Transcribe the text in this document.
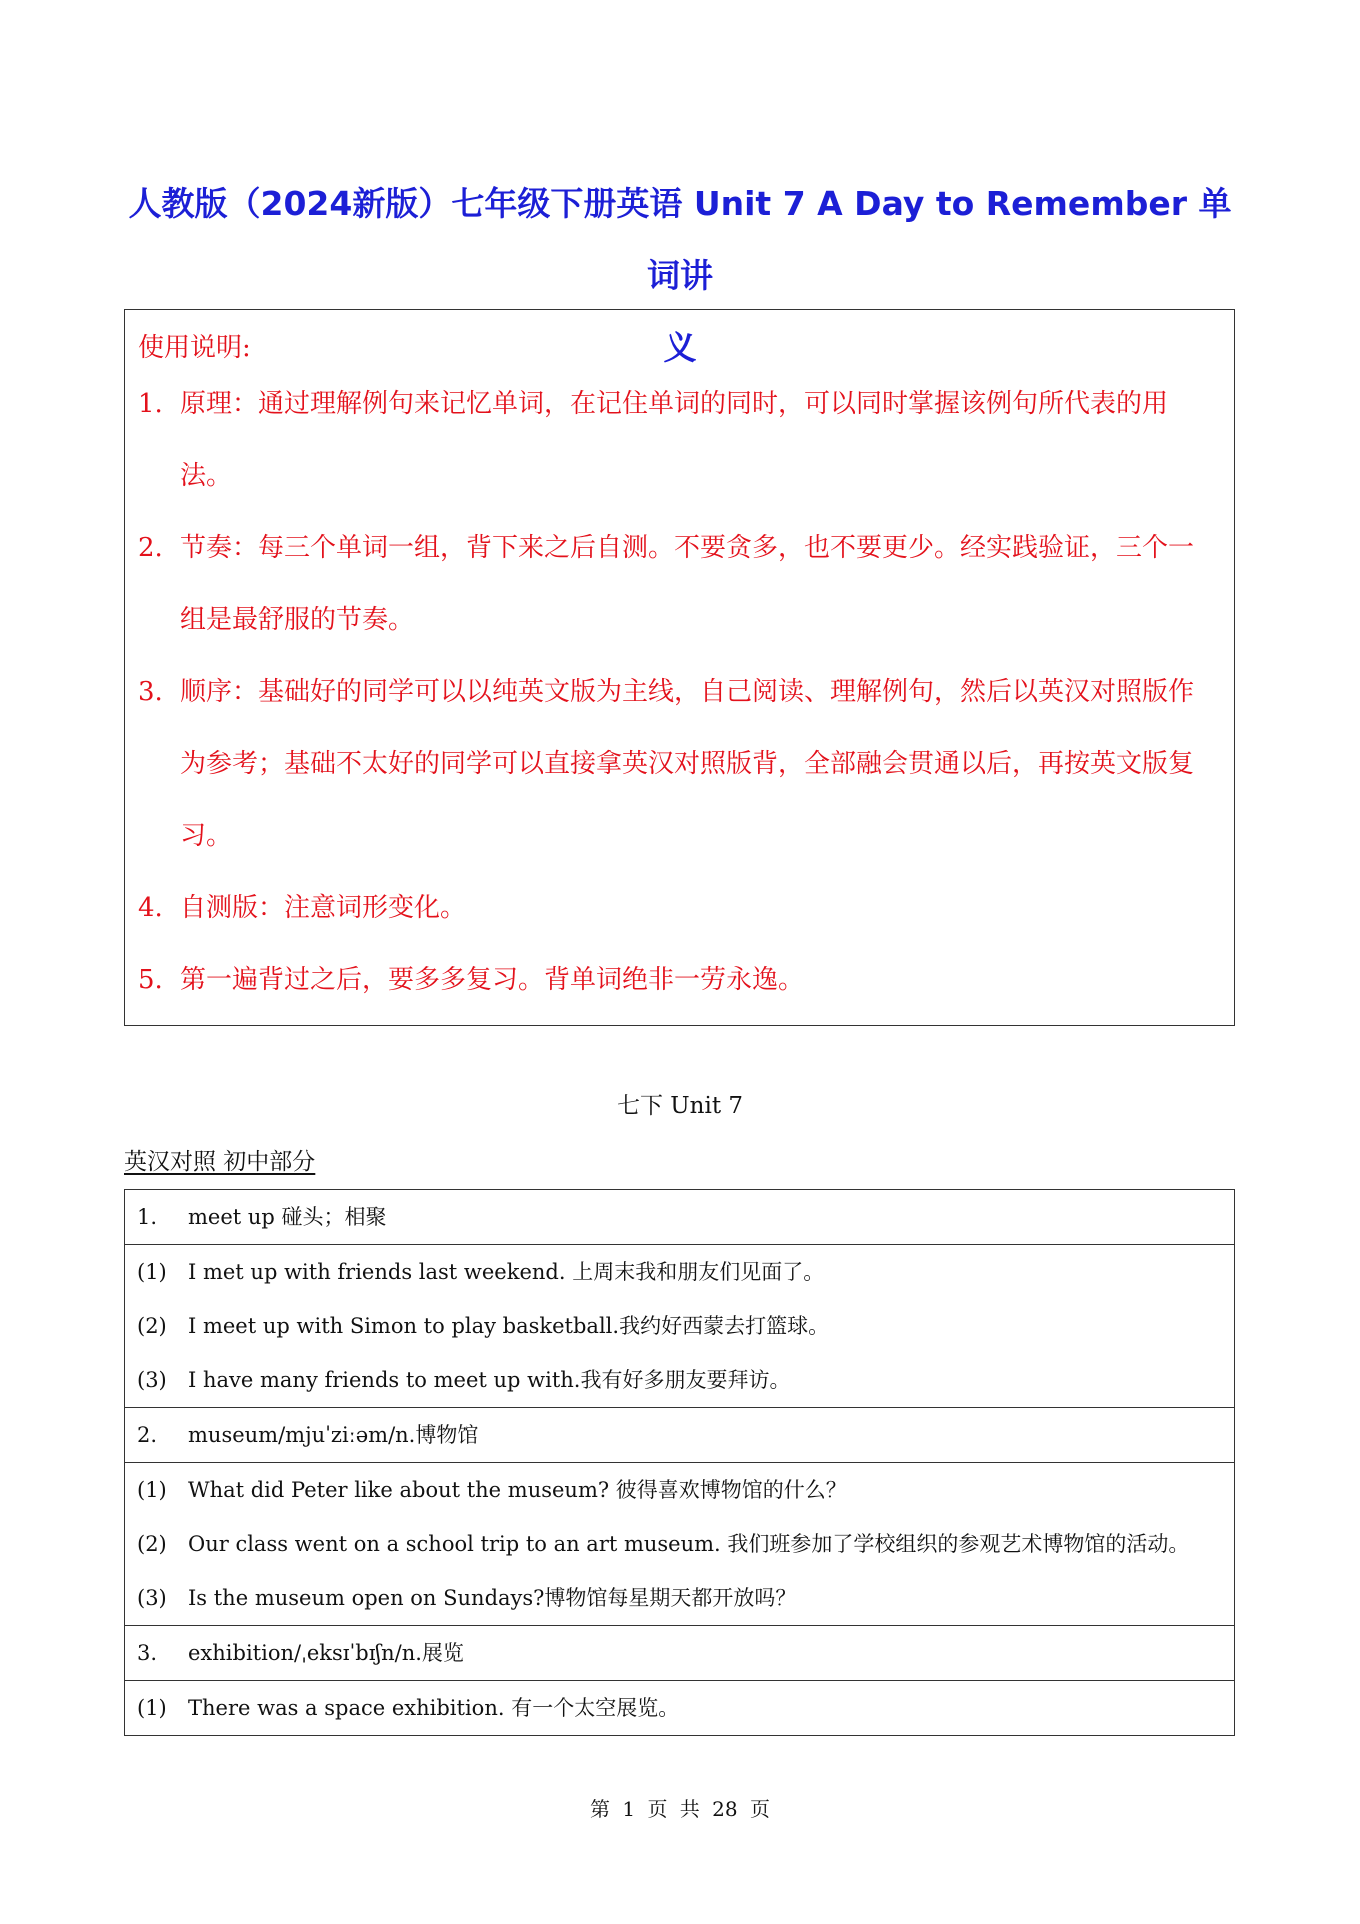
人教版（2024新版）七年级下册英语 Unit 7 A Day to Remember 单词讲
义
使用说明:
1. 原理：通过理解例句来记忆单词，在记住单词的同时，可以同时掌握该例句所代表的用法。
2. 节奏：每三个单词一组，背下来之后自测。不要贪多，也不要更少。经实践验证，三个一组是最舒服的节奏。
3. 顺序：基础好的同学可以以纯英文版为主线，自己阅读、理解例句，然后以英汉对照版作为参考；基础不太好的同学可以直接拿英汉对照版背，全部融会贯通以后，再按英文版复习。
4. 自测版：注意词形变化。
5. 第一遍背过之后，要多多复习。背单词绝非一劳永逸。
七下 Unit 7
英汉对照 初中部分
1. meet up 碰头；相聚
(1) I met up with friends last weekend. 上周末我和朋友们见面了。
(2) I meet up with Simon to play basketball.我约好西蒙去打篮球。
(3) I have many friends to meet up with.我有好多朋友要拜访。
2. museum/mjuˈziːəm/n.博物馆
(1) What did Peter like about the museum? 彼得喜欢博物馆的什么？
(2) Our class went on a school trip to an art museum. 我们班参加了学校组织的参观艺术博物馆的活动。
(3) Is the museum open on Sundays?博物馆每星期天都开放吗？
3. exhibition/ˌeksɪˈbɪʃn/n.展览
(1) There was a space exhibition. 有一个太空展览。
第 1 页 共 28 页
